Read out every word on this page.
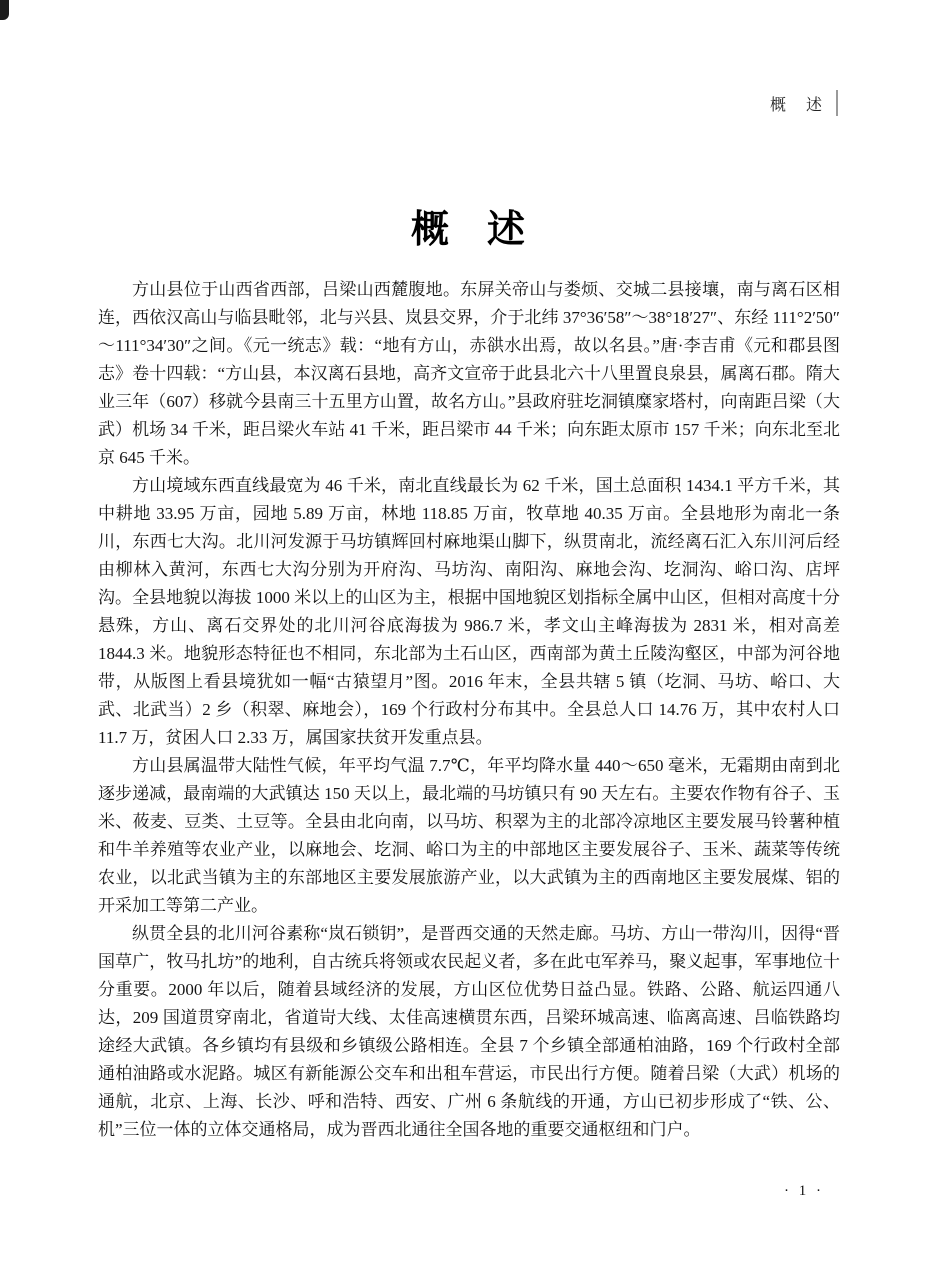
概　述
概　述

方山县位于山西省西部，吕梁山西麓腹地。东屏关帝山与娄烦、交城二县接壤，南与离石区相连，西依汉高山与临县毗邻，北与兴县、岚县交界，介于北纬 37°36′58″～38°18′27″、东经 111°2′50″～111°34′30″之间。《元一统志》载：“地有方山，赤谼水出焉，故以名县。”唐·李吉甫《元和郡县图志》卷十四载：“方山县，本汉离石县地，高齐文宣帝于此县北六十八里置良泉县，属离石郡。隋大业三年（607）移就今县南三十五里方山置，故名方山。”县政府驻圪洞镇糜家塔村，向南距吕梁（大武）机场 34 千米，距吕梁火车站 41 千米，距吕梁市 44 千米；向东距太原市 157 千米；向东北至北京 645 千米。

方山境域东西直线最宽为 46 千米，南北直线最长为 62 千米，国土总面积 1434.1 平方千米，其中耕地 33.95 万亩，园地 5.89 万亩，林地 118.85 万亩，牧草地 40.35 万亩。全县地形为南北一条川，东西七大沟。北川河发源于马坊镇辉回村麻地渠山脚下，纵贯南北，流经离石汇入东川河后经由柳林入黄河，东西七大沟分别为开府沟、马坊沟、南阳沟、麻地会沟、圪洞沟、峪口沟、店坪沟。全县地貌以海拔 1000 米以上的山区为主，根据中国地貌区划指标全属中山区，但相对高度十分悬殊，方山、离石交界处的北川河谷底海拔为 986.7 米，孝文山主峰海拔为 2831 米，相对高差 1844.3 米。地貌形态特征也不相同，东北部为土石山区，西南部为黄土丘陵沟壑区，中部为河谷地带，从版图上看县境犹如一幅“古猿望月”图。2016 年末，全县共辖 5 镇（圪洞、马坊、峪口、大武、北武当）2 乡（积翠、麻地会），169 个行政村分布其中。全县总人口 14.76 万，其中农村人口 11.7 万，贫困人口 2.33 万，属国家扶贫开发重点县。

方山县属温带大陆性气候，年平均气温 7.7℃，年平均降水量 440～650 毫米，无霜期由南到北逐步递减，最南端的大武镇达 150 天以上，最北端的马坊镇只有 90 天左右。主要农作物有谷子、玉米、莜麦、豆类、土豆等。全县由北向南，以马坊、积翠为主的北部冷凉地区主要发展马铃薯种植和牛羊养殖等农业产业，以麻地会、圪洞、峪口为主的中部地区主要发展谷子、玉米、蔬菜等传统农业，以北武当镇为主的东部地区主要发展旅游产业，以大武镇为主的西南地区主要发展煤、铝的开采加工等第二产业。

纵贯全县的北川河谷素称“岚石锁钥”，是晋西交通的天然走廊。马坊、方山一带沟川，因得“晋国草广，牧马扎坊”的地利，自古统兵将领或农民起义者，多在此屯军养马，聚义起事，军事地位十分重要。2000 年以后，随着县域经济的发展，方山区位优势日益凸显。铁路、公路、航运四通八达，209 国道贯穿南北，省道岢大线、太佳高速横贯东西，吕梁环城高速、临离高速、吕临铁路均途经大武镇。各乡镇均有县级和乡镇级公路相连。全县 7 个乡镇全部通柏油路，169 个行政村全部通柏油路或水泥路。城区有新能源公交车和出租车营运，市民出行方便。随着吕梁（大武）机场的通航，北京、上海、长沙、呼和浩特、西安、广州 6 条航线的开通，方山已初步形成了“铁、公、机”三位一体的立体交通格局，成为晋西北通往全国各地的重要交通枢纽和门户。

· 1 ·
